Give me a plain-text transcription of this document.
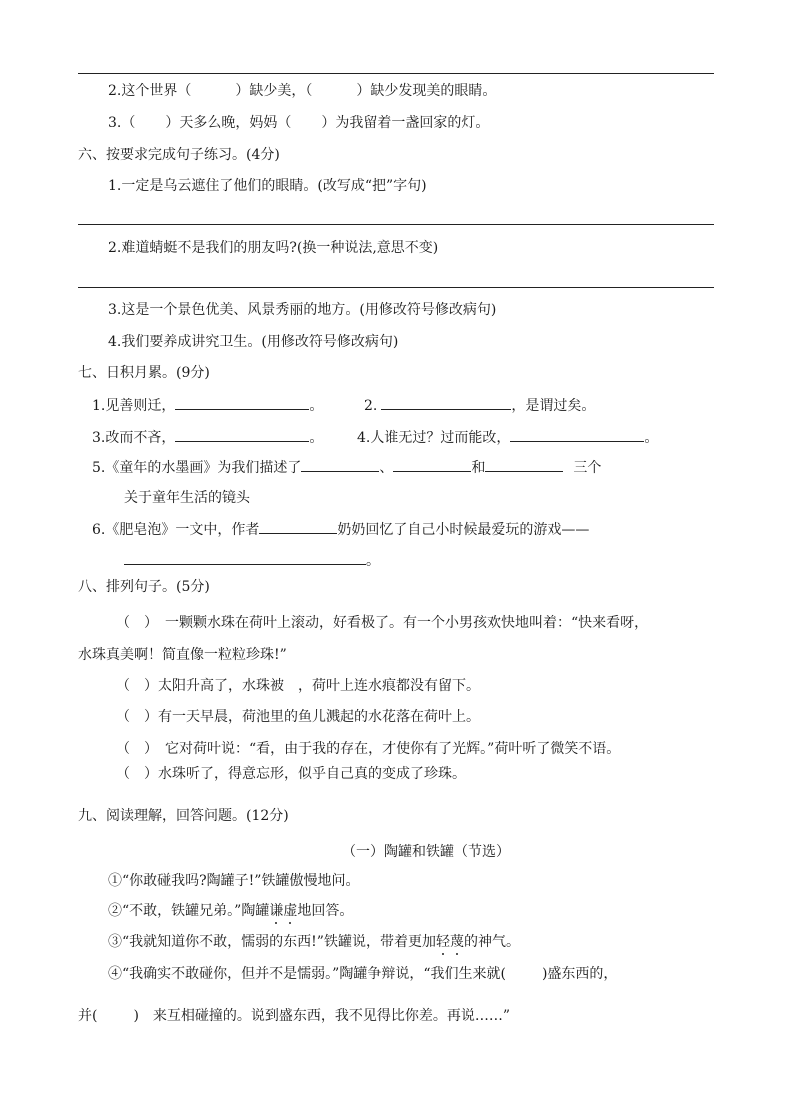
2.这个世界（	）缺少美，（	）缺少发现美的眼睛。
3.（ ）天多么晚，妈妈（ ）为我留着一盏回家的灯。
六、按要求完成句子练习。(4分)
1.一定是乌云遮住了他们的眼睛。(改写成“把”字句)
2.难道蜻蜓不是我们的朋友吗?(换一种说法,意思不变)
3.这是一个景色优美、风景秀丽的地方。(用修改符号修改病句)
4.我们要养成讲究卫生。(用修改符号修改病句)
七、日积月累。(9分)
1.见善则迁，	。	2.	，是谓过矣。
3.改而不吝，	。 4.人谁无过？过而能改，	。
5.《童年的水墨画》为我们描述了	、	和	三个
关于童年生活的镜头
6.《肥皂泡》一文中，作者	奶奶回忆了自己小时候最爱玩的游戏——
。
八、排列句子。(5分)
（　）　一颗颗水珠在荷叶上滚动，好看极了。有一个小男孩欢快地叫着：“快来看呀，
水珠真美啊！简直像一粒粒珍珠!”
（　）太阳升高了，水珠被　，荷叶上连水痕都没有留下。
（　）有一天早晨，荷池里的鱼儿溅起的水花落在荷叶上。
（　）　它对荷叶说：“看，由于我的存在，才使你有了光辉。”荷叶听了微笑不语。
（　）水珠听了，得意忘形，似乎自己真的变成了珍珠。
九、阅读理解，回答问题。(12分)
（一）陶罐和铁罐（节选）
①“你敢碰我吗?陶罐子!”铁罐傲慢地问。
②“不敢，铁罐兄弟。”陶罐谦虚地回答。
③“我就知道你不敢，懦弱的东西!”铁罐说，带着更加轻蔑的神气。
④“我确实不敢碰你，但并不是懦弱。”陶罐争辩说，“我们生来就(	)盛东西的，
并(	)　来互相碰撞的。说到盛东西，我不见得比你差。再说……”
